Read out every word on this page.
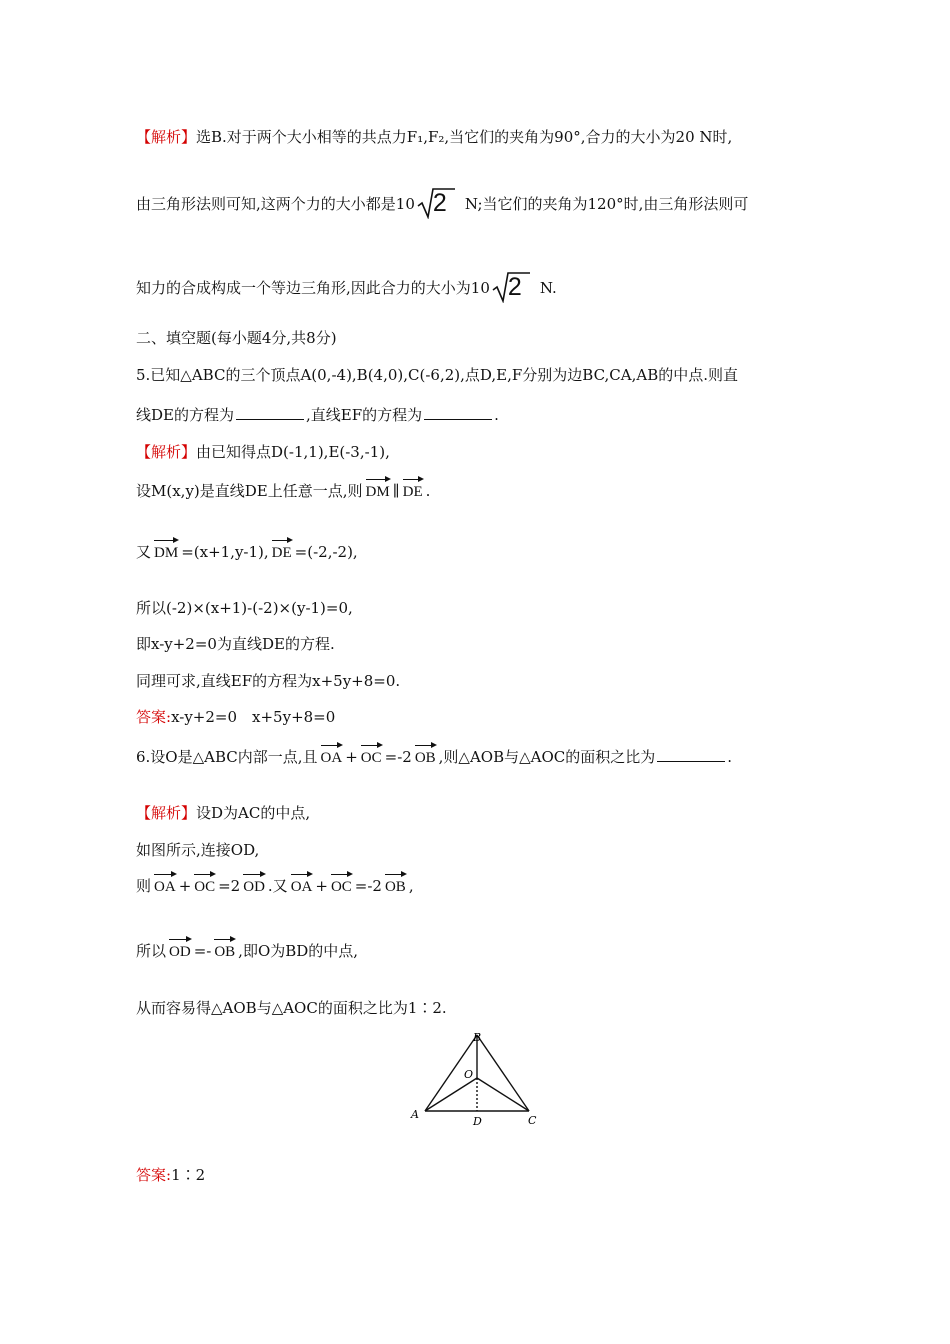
【解析】选B.对于两个大小相等的共点力F₁,F₂,当它们的夹角为90°,合力的大小为20 N时,
由三角形法则可知,这两个力的大小都是10 2 N;当它们的夹角为120°时,由三角形法则可
知力的合成构成一个等边三角形,因此合力的大小为10 2 N.
二、填空题(每小题4分,共8分)
5.已知△ABC的三个顶点A(0,-4),B(4,0),C(-6,2),点D,E,F分别为边BC,CA,AB的中点.则直
线DE的方程为	,直线EF的方程为	.
【解析】由已知得点D(-1,1),E(-3,-1),
设M(x,y)是直线DE上任意一点,则 DM ∥ DE .
又 DM =(x+1,y-1), DE =(-2,-2),
所以(-2)×(x+1)-(-2)×(y-1)=0,
即x-y+2=0为直线DE的方程.
同理可求,直线EF的方程为x+5y+8=0.
答案:x-y+2=0　x+5y+8=0
6.设O是△ABC内部一点,且 OA + OC =-2 OB ,则△AOB与△AOC的面积之比为	.
【解析】设D为AC的中点,
如图所示,连接OD,
则 OA + OC =2 OD .又 OA + OC =-2 OB ,
所以 OD =- OB ,即O为BD的中点,
从而容易得△AOB与△AOC的面积之比为1∶2.
B
O
A
D	C
答案:1∶2
